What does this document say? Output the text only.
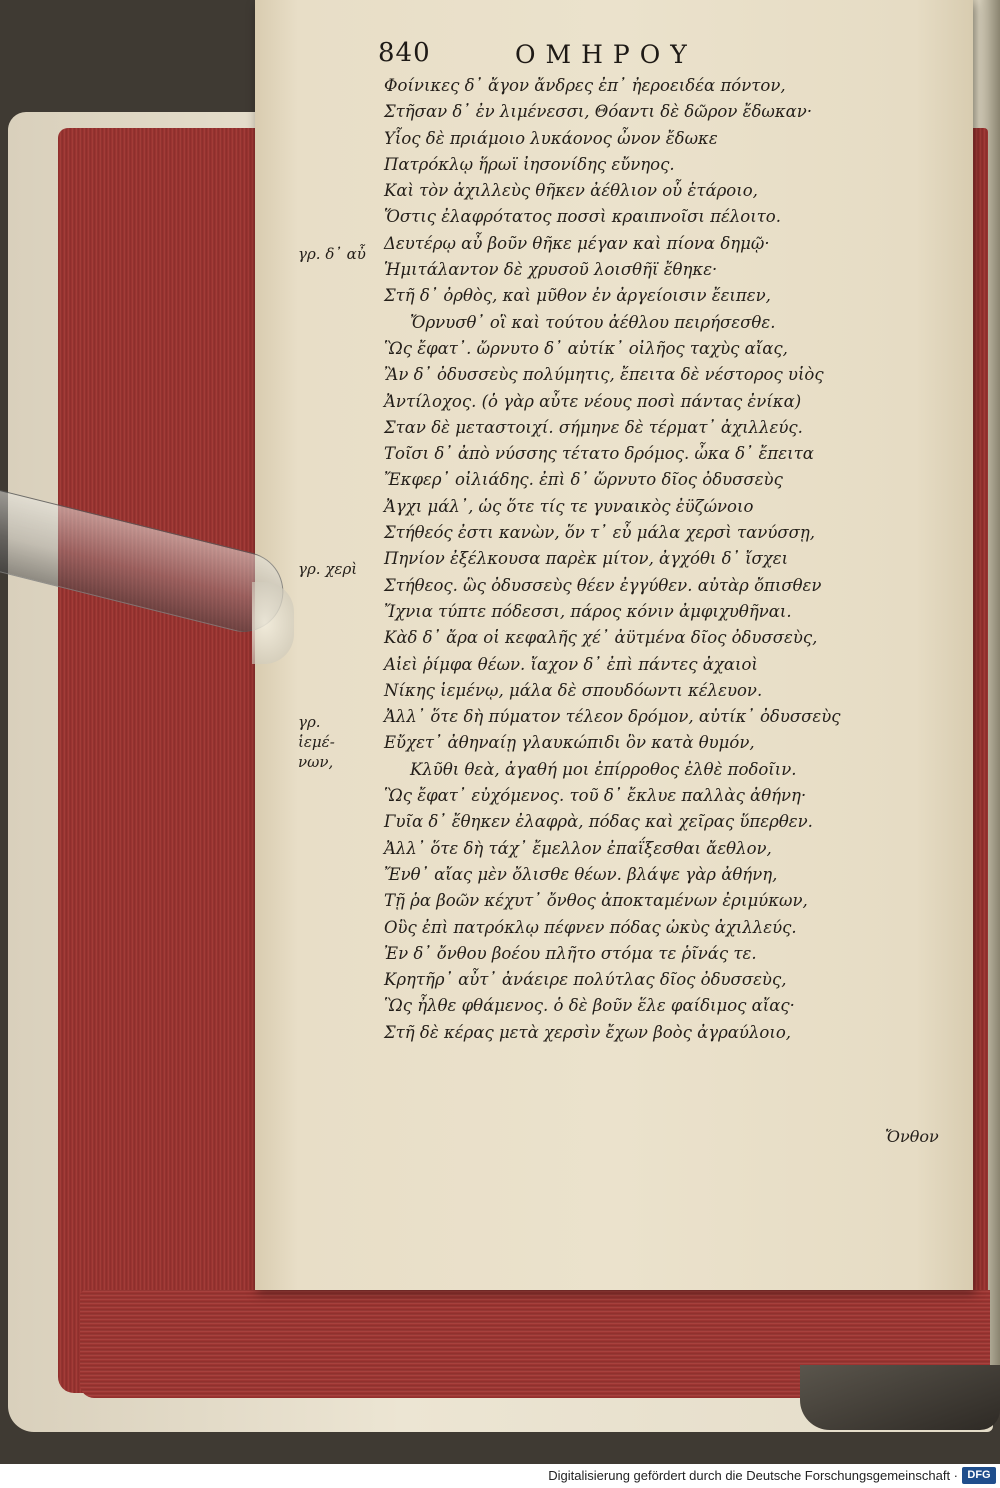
840	ΟΜΗΡΟΥ
Φοίνικες δ᾽ ἄγον ἄνδρες ἐπ᾽ ἠεροειδέα πόντον,
Στῆσαν δ᾽ ἐν λιμένεσσι, Θόαντι δὲ δῶρον ἔδωκαν·
Υἷος δὲ πριάμοιο λυκάονος ὦνον ἔδωκε
Πατρόκλῳ ἥρωϊ ἰησονίδης εὔνηος.
Καὶ τὸν ἀχιλλεὺς θῆκεν ἀέθλιον οὗ ἑτάροιο,
Ὅστις ἐλαφρότατος ποσσὶ κραιπνοῖσι πέλοιτο.
Δευτέρῳ αὖ βοῦν θῆκε μέγαν καὶ πίονα δημῷ·
Ἡμιτάλαντον δὲ χρυσοῦ λοισθῆϊ ἔθηκε·
Στῆ δ᾽ ὀρθὸς, καὶ μῦθον ἐν ἀργείοισιν ἔειπεν,
Ὄρνυσθ᾽ οἳ καὶ τούτου ἀέθλου πειρήσεσθε.
Ὣς ἔφατ᾽. ὤρνυτο δ᾽ αὐτίκ᾽ οἰλῆος ταχὺς αἴας,
Ἂν δ᾽ ὀδυσσεὺς πολύμητις, ἔπειτα δὲ νέστορος υἱὸς
Ἀντίλοχος. (ὁ γὰρ αὖτε νέους ποσὶ πάντας ἐνίκα)
Σταν δὲ μεταστοιχί. σήμηνε δὲ τέρματ᾽ ἀχιλλεύς.
Τοῖσι δ᾽ ἀπὸ νύσσης τέτατο δρόμος. ὦκα δ᾽ ἔπειτα
Ἔκφερ᾽ οἰλιάδης. ἐπὶ δ᾽ ὤρνυτο δῖος ὀδυσσεὺς
Ἀγχι μάλ᾽, ὡς ὅτε τίς τε γυναικὸς ἐϋζώνοιο
Στήθεός ἐστι κανὼν, ὅν τ᾽ εὖ μάλα χερσὶ τανύσσῃ,
Πηνίον ἐξέλκουσα παρὲκ μίτον, ἀγχόθι δ᾽ ἴσχει
Στήθεος. ὣς ὀδυσσεὺς θέεν ἐγγύθεν. αὐτὰρ ὄπισθεν
Ἴχνια τύπτε πόδεσσι, πάρος κόνιν ἀμφιχυθῆναι.
Κὰδ δ᾽ ἄρα οἱ κεφαλῆς χέ᾽ ἀϋτμένα δῖος ὀδυσσεὺς,
Αἰεὶ ῥίμφα θέων. ἴαχον δ᾽ ἐπὶ πάντες ἀχαιοὶ
Νίκης ἱεμένῳ, μάλα δὲ σπουδόωντι κέλευον.
Ἀλλ᾽ ὅτε δὴ πύματον τέλεον δρόμον, αὐτίκ᾽ ὀδυσσεὺς
Εὔχετ᾽ ἀθηναίῃ γλαυκώπιδι ὃν κατὰ θυμόν,
Κλῦθι θεὰ, ἀγαθή μοι ἐπίρροθος ἐλθὲ ποδοῖιν.
Ὣς ἔφατ᾽ εὐχόμενος. τοῦ δ᾽ ἔκλυε παλλὰς ἀθήνη·
Γυῖα δ᾽ ἔθηκεν ἐλαφρὰ, πόδας καὶ χεῖρας ὕπερθεν.
Ἀλλ᾽ ὅτε δὴ τάχ᾽ ἔμελλον ἐπαΐξεσθαι ἄεθλον,
Ἔνθ᾽ αἴας μὲν ὄλισθε θέων. βλάψε γὰρ ἀθήνη,
Τῇ ῥα βοῶν κέχυτ᾽ ὄνθος ἀποκταμένων ἐριμύκων,
Οὓς ἐπὶ πατρόκλῳ πέφνεν πόδας ὠκὺς ἀχιλλεύς.
Ἐν δ᾽ ὄνθου βοέου πλῆτο στόμα τε ῥῖνάς τε.
Κρητῆρ᾽ αὖτ᾽ ἀνάειρε πολύτλας δῖος ὀδυσσεὺς,
Ὣς ἦλθε φθάμενος. ὁ δὲ βοῦν ἕλε φαίδιμος αἴας·
Στῆ δὲ κέρας μετὰ χερσὶν ἔχων βοὸς ἀγραύλοιο,
γρ. δ᾽ αὖ
γρ. χερὶ
γρ. ἱεμέ-νων,
Ὄνθον
Digitalisierung gefördert durch die Deutsche Forschungsgemeinschaft · DFG
